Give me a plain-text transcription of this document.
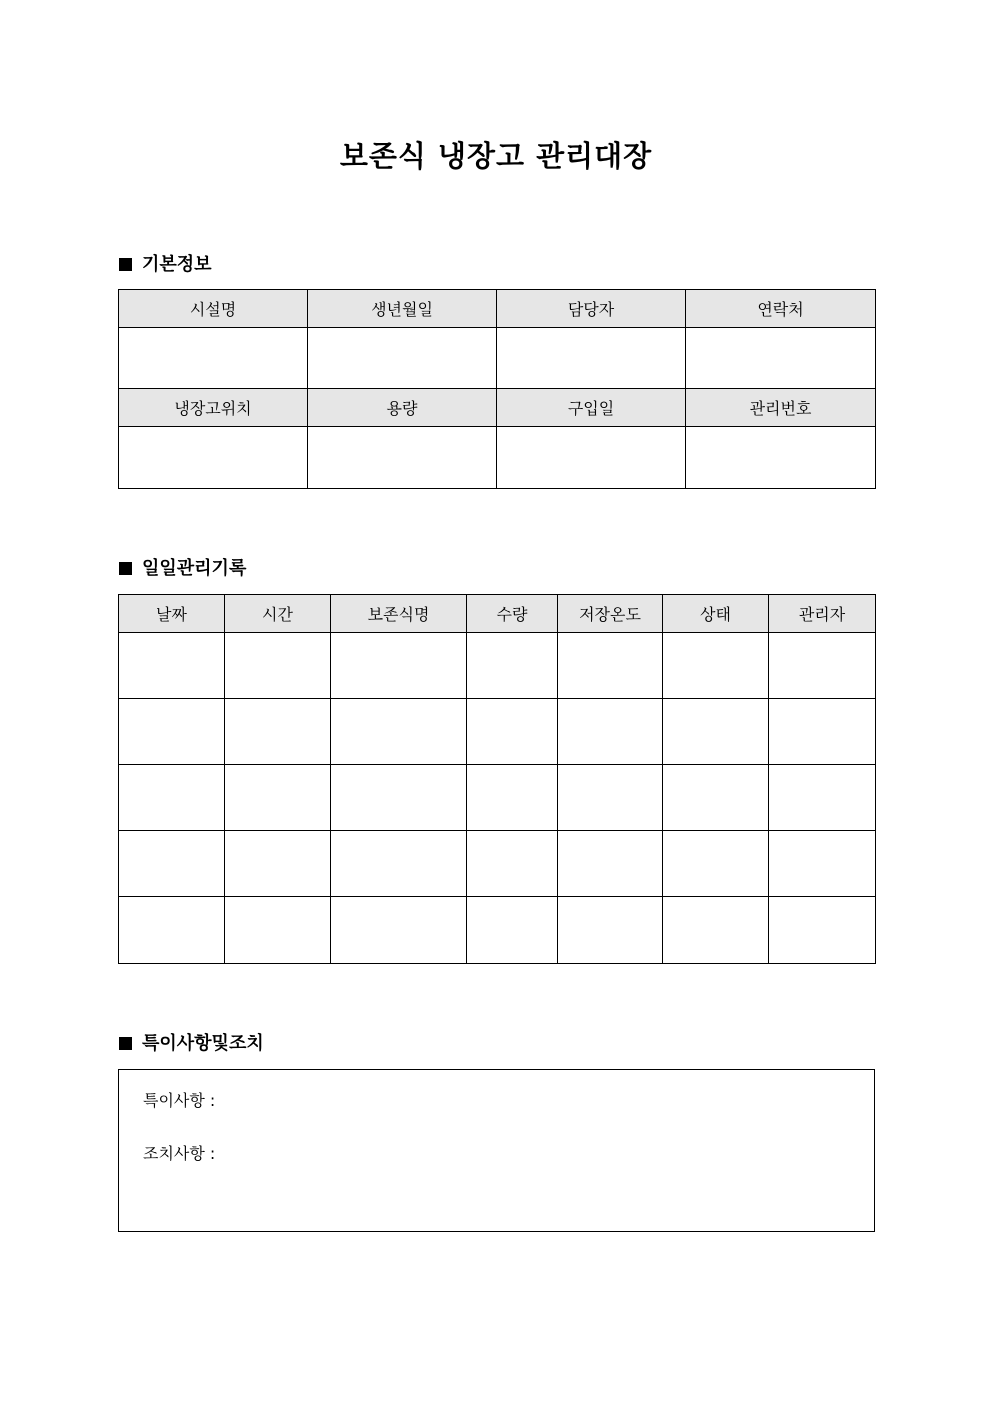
보존식 냉장고 관리대장
기본정보
시설명	생년월일	담당자	연락처

냉장고위치	용량	구입일	관리번호

일일관리기록
날짜	시간	보존식명	수량	저장온도	상태	관리자

특이사항및조치
특이사항 :
조치사항 :
